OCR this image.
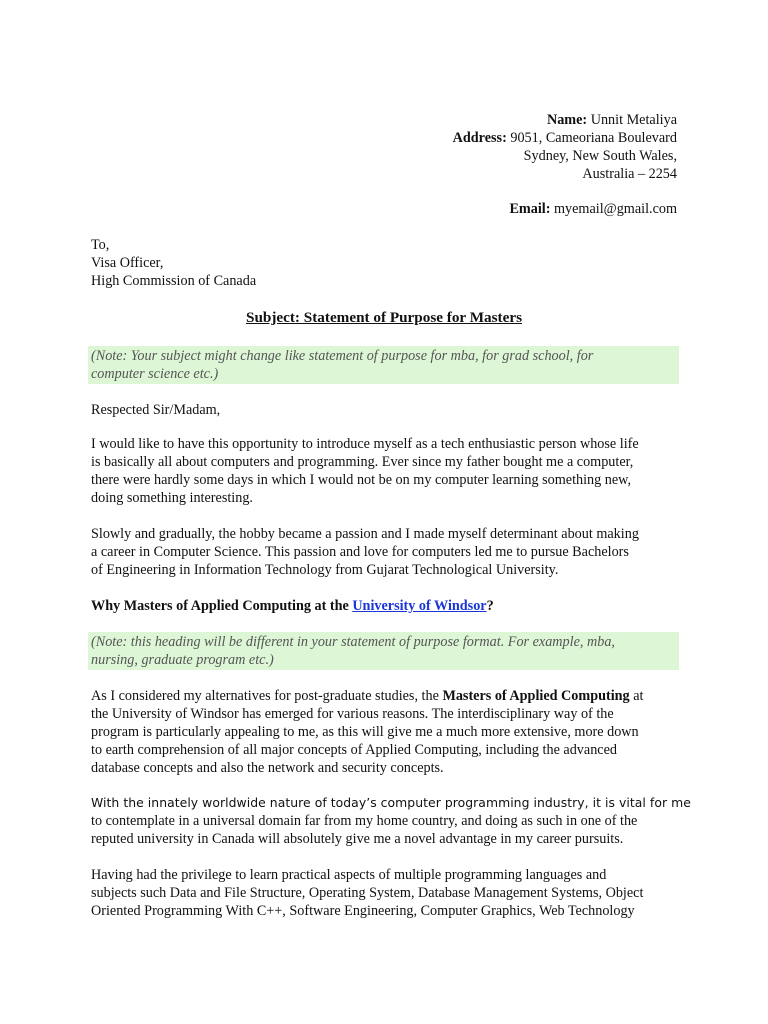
Name: Unnit Metaliya
Address: 9051, Cameoriana Boulevard
Sydney, New South Wales,
Australia – 2254
Email: myemail@gmail.com
To,
Visa Officer,
High Commission of Canada
Subject: Statement of Purpose for Masters
(Note: Your subject might change like statement of purpose for mba, for grad school, for
computer science etc.)

Respected Sir/Madam,

I would like to have this opportunity to introduce myself as a tech enthusiastic person whose life
is basically all about computers and programming. Ever since my father bought me a computer,
there were hardly some days in which I would not be on my computer learning something new,
doing something interesting.

Slowly and gradually, the hobby became a passion and I made myself determinant about making
a career in Computer Science. This passion and love for computers led me to pursue Bachelors
of Engineering in Information Technology from Gujarat Technological University.

Why Masters of Applied Computing at the University of Windsor?

(Note: this heading will be different in your statement of purpose format. For example, mba,
nursing, graduate program etc.)

As I considered my alternatives for post-graduate studies, the Masters of Applied Computing at
the University of Windsor has emerged for various reasons. The interdisciplinary way of the
program is particularly appealing to me, as this will give me a much more extensive, more down
to earth comprehension of all major concepts of Applied Computing, including the advanced
database concepts and also the network and security concepts.

With the innately worldwide nature of today’s computer programming industry, it is vital for me
to contemplate in a universal domain far from my home country, and doing as such in one of the
reputed university in Canada will absolutely give me a novel advantage in my career pursuits.

Having had the privilege to learn practical aspects of multiple programming languages and
subjects such Data and File Structure, Operating System, Database Management Systems, Object
Oriented Programming With C++, Software Engineering, Computer Graphics, Web Technology
